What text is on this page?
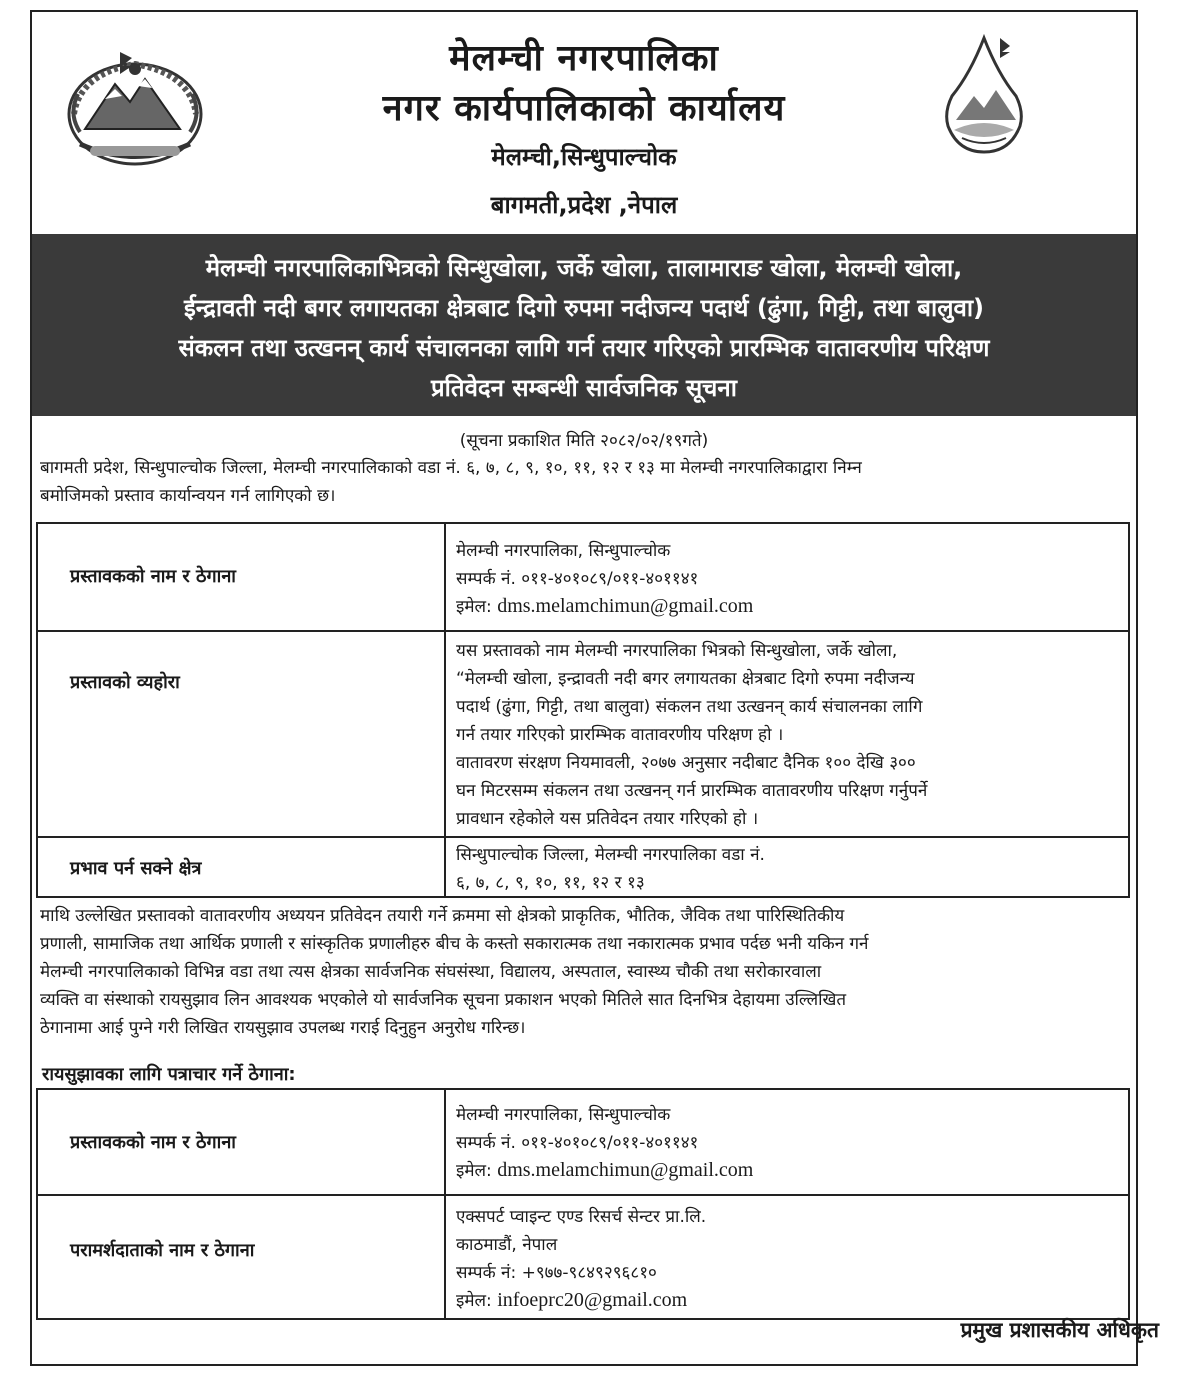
मेलम्ची नगरपालिका
नगर कार्यपालिकाको कार्यालय
मेलम्ची,सिन्धुपाल्चोक
बागमती,प्रदेश ,नेपाल
मेलम्ची नगरपालिकाभित्रको सिन्धुखोला, जर्के खोला, तालामाराङ खोला, मेलम्ची खोला,
ईन्द्रावती नदी बगर लगायतका क्षेत्रबाट दिगो रुपमा नदीजन्य पदार्थ (ढुंगा, गिट्टी, तथा बालुवा)
संकलन तथा उत्खनन् कार्य संचालनका लागि गर्न तयार गरिएको प्रारम्भिक वातावरणीय परिक्षण
प्रतिवेदन सम्बन्धी सार्वजनिक सूचना
(सूचना प्रकाशित मिति २०८२/०२/१९गते)
बागमती प्रदेश, सिन्धुपाल्चोक जिल्ला, मेलम्ची नगरपालिकाको वडा नं. ६, ७, ८, ९, १०, ११, १२ र १३ मा मेलम्ची नगरपालिकाद्वारा निम्न
बमोजिमको प्रस्ताव कार्यान्वयन गर्न लागिएको छ।
प्रस्तावकको नाम र ठेगाना
मेलम्ची नगरपालिका, सिन्धुपाल्चोक
सम्पर्क नं. ०११-४०१०८९/०११-४०११४१
इमेल: dms.melamchimun@gmail.com
प्रस्तावको व्यहोरा
यस प्रस्तावको नाम मेलम्ची नगरपालिका भित्रको सिन्धुखोला, जर्के खोला,
“मेलम्ची खोला, इन्द्रावती नदी बगर लगायतका क्षेत्रबाट दिगो रुपमा नदीजन्य
पदार्थ (ढुंगा, गिट्टी, तथा बालुवा) संकलन तथा उत्खनन् कार्य संचालनका लागि
गर्न तयार गरिएको प्रारम्भिक वातावरणीय परिक्षण हो ।
वातावरण संरक्षण नियमावली, २०७७ अनुसार नदीबाट दैनिक १०० देखि ३००
घन मिटरसम्म संकलन तथा उत्खनन् गर्न प्रारम्भिक वातावरणीय परिक्षण गर्नुपर्ने
प्रावधान रहेकोले यस प्रतिवेदन तयार गरिएको हो ।
प्रभाव पर्न सक्ने क्षेत्र
सिन्धुपाल्चोक जिल्ला, मेलम्ची नगरपालिका वडा नं.
६, ७, ८, ९, १०, ११, १२ र १३
माथि उल्लेखित प्रस्तावको वातावरणीय अध्ययन प्रतिवेदन तयारी गर्ने क्रममा सो क्षेत्रको प्राकृतिक, भौतिक, जैविक तथा पारिस्थितिकीय
प्रणाली, सामाजिक तथा आर्थिक प्रणाली र सांस्कृतिक प्रणालीहरु बीच के कस्तो सकारात्मक तथा नकारात्मक प्रभाव पर्दछ भनी यकिन गर्न
मेलम्ची नगरपालिकाको विभिन्न वडा तथा त्यस क्षेत्रका सार्वजनिक संघसंस्था, विद्यालय, अस्पताल, स्वास्थ्य चौकी तथा सरोकारवाला
व्यक्ति वा संस्थाको रायसुझाव लिन आवश्यक भएकोले यो सार्वजनिक सूचना प्रकाशन भएको मितिले सात दिनभित्र देहायमा उल्लिखित
ठेगानामा आई पुग्ने गरी लिखित रायसुझाव उपलब्ध गराई दिनुहुन अनुरोध गरिन्छ।
रायसुझावका लागि पत्राचार गर्ने ठेगाना:
प्रस्तावकको नाम र ठेगाना
मेलम्ची नगरपालिका, सिन्धुपाल्चोक
सम्पर्क नं. ०११-४०१०८९/०११-४०११४१
इमेल: dms.melamchimun@gmail.com
परामर्शदाताको नाम र ठेगाना
एक्सपर्ट प्वाइन्ट एण्ड रिसर्च सेन्टर प्रा.लि.
काठमाडौं, नेपाल
सम्पर्क नं: +९७७-९८४९२९६८१०
इमेल: infoeprc20@gmail.com
प्रमुख प्रशासकीय अधिकृत
